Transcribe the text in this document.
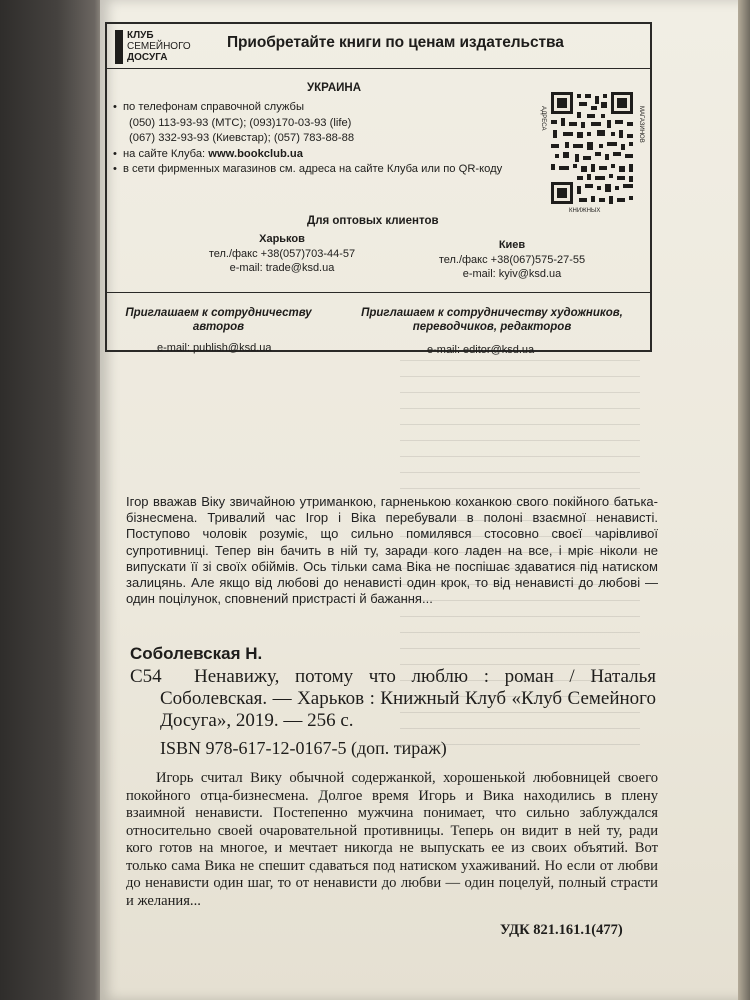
КЛУБ
СЕМЕЙНОГО
ДОСУГА
Приобретайте книги по ценам издательства
УКРАИНА
• по телефонам справочной службы
(050) 113-93-93 (МТС); (093)170-03-93 (life)
(067) 332-93-93 (Киевстар); (057) 783-88-88
• на сайте Клуба: www.bookclub.ua
• в сети фирменных магазинов см. адреса на сайте Клуба или по QR-коду
АДРЕСА	МАГАЗИНОВ
КНИЖНЫХ
Для оптовых клиентов
Харьков
тел./факс +38(057)703-44-57
e-mail: trade@ksd.ua
Киев
тел./факс +38(067)575-27-55
e-mail: kyiv@ksd.ua
Приглашаем к сотрудничеству авторов
Приглашаем к сотрудничеству художников, переводчиков, редакторов
e-mail: publish@ksd.ua	e-mail: editor@ksd.ua
Ігор вважав Віку звичайною утриманкою, гарненькою коханкою свого покійного батька-бізнесмена. Тривалий час Ігор і Віка перебували в полоні взаємної ненависті. Поступово чоловік розуміє, що сильно помилявся стосовно своєї чарівливої супротивниці. Тепер він бачить в ній ту, заради кого ладен на все, і мріє ніколи не випускати її зі своїх обіймів. Ось тільки сама Віка не поспішає здаватися під натиском залицянь. Але якщо від любові до ненависті один крок, то від ненависті до любові — один поцілунок, сповнений пристрасті й бажання...
Соболевская Н.
С54	Ненавижу, потому что люблю : роман / Наталья Соболевская. — Харьков : Книжный Клуб «Клуб Семейного Досуга», 2019. — 256 с.
ISBN 978-617-12-0167-5 (доп. тираж)
Игорь считал Вику обычной содержанкой, хорошенькой любовницей своего покойного отца-бизнесмена. Долгое время Игорь и Вика находились в плену взаимной ненависти. Постепенно мужчина понимает, что сильно заблуждался относительно своей очаровательной противницы. Теперь он видит в ней ту, ради кого готов на многое, и мечтает никогда не выпускать ее из своих объятий. Вот только сама Вика не спешит сдаваться под натиском ухаживаний. Но если от любви до ненависти один шаг, то от ненависти до любви — один поцелуй, полный страсти и желания...
УДК 821.161.1(477)
